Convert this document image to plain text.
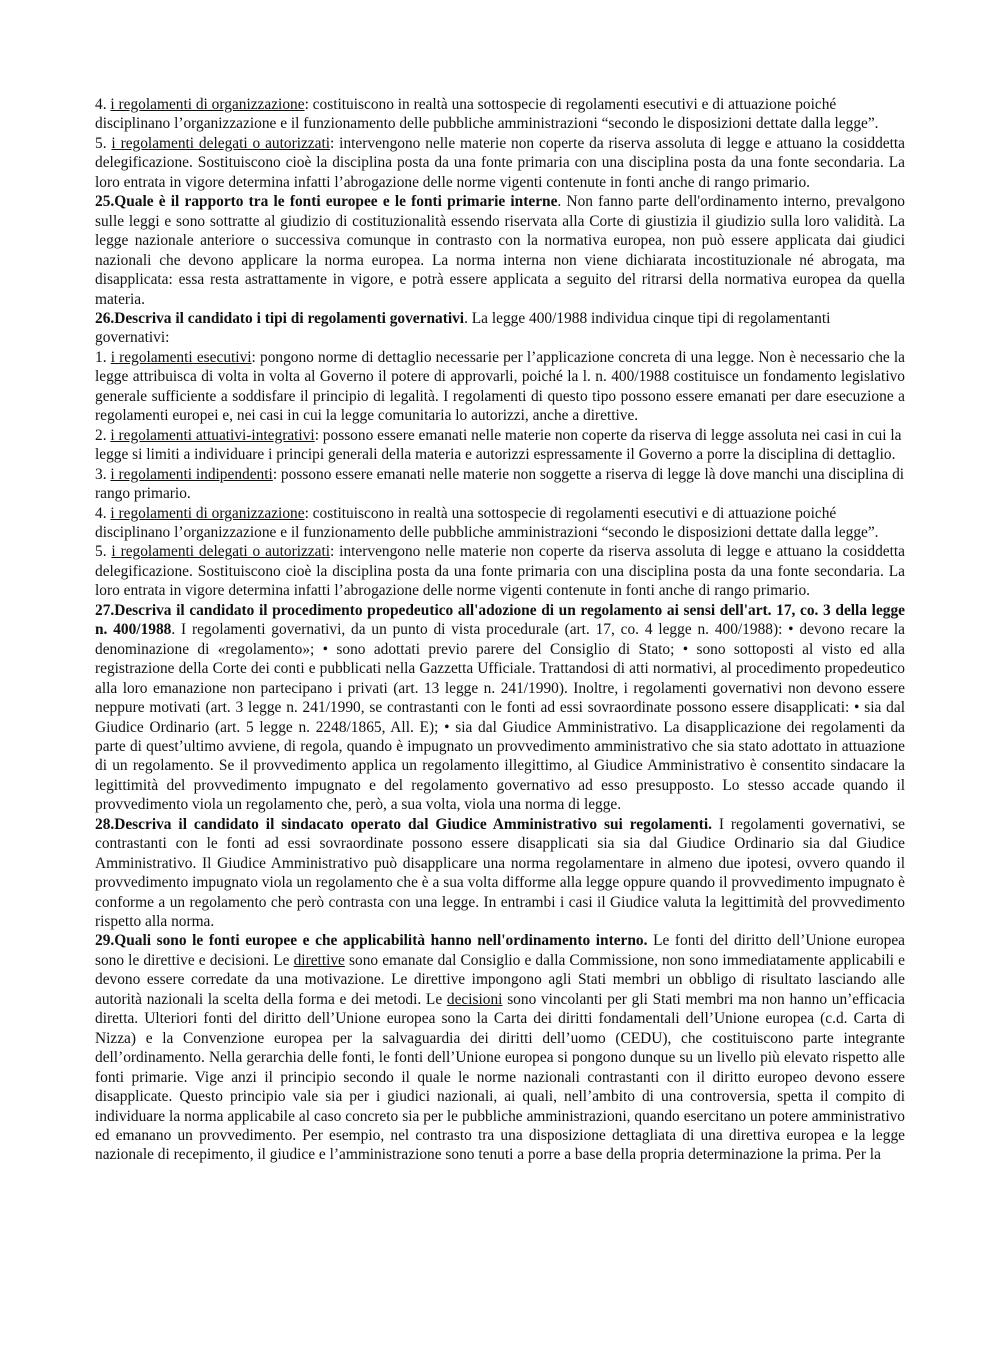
4. i regolamenti di organizzazione: costituiscono in realtà una sottospecie di regolamenti esecutivi e di attuazione poiché disciplinano l’organizzazione e il funzionamento delle pubbliche amministrazioni “secondo le disposizioni dettate dalla legge”.

5. i regolamenti delegati o autorizzati: intervengono nelle materie non coperte da riserva assoluta di legge e attuano la cosiddetta delegificazione. Sostituiscono cioè la disciplina posta da una fonte primaria con una disciplina posta da una fonte secondaria. La loro entrata in vigore determina infatti l’abrogazione delle norme vigenti contenute in fonti anche di rango primario.

25.Quale è il rapporto tra le fonti europee e le fonti primarie interne. Non fanno parte dell'ordinamento interno, prevalgono sulle leggi e sono sottratte al giudizio di costituzionalità essendo riservata alla Corte di giustizia il giudizio sulla loro validità. La legge nazionale anteriore o successiva comunque in contrasto con la normativa europea, non può essere applicata dai giudici nazionali che devono applicare la norma europea. La norma interna non viene dichiarata incostituzionale né abrogata, ma disapplicata: essa resta astrattamente in vigore, e potrà essere applicata a seguito del ritrarsi della normativa europea da quella materia.

26.Descriva il candidato i tipi di regolamenti governativi. La legge 400/1988 individua cinque tipi di regolamentanti governativi:

1. i regolamenti esecutivi: pongono norme di dettaglio necessarie per l’applicazione concreta di una legge. Non è necessario che la legge attribuisca di volta in volta al Governo il potere di approvarli, poiché la l. n. 400/1988 costituisce un fondamento legislativo generale sufficiente a soddisfare il principio di legalità. I regolamenti di questo tipo possono essere emanati per dare esecuzione a regolamenti europei e, nei casi in cui la legge comunitaria lo autorizzi, anche a direttive.

2. i regolamenti attuativi-integrativi: possono essere emanati nelle materie non coperte da riserva di legge assoluta nei casi in cui la legge si limiti a individuare i principi generali della materia e autorizzi espressamente il Governo a porre la disciplina di dettaglio.

3. i regolamenti indipendenti: possono essere emanati nelle materie non soggette a riserva di legge là dove manchi una disciplina di rango primario.

4. i regolamenti di organizzazione: costituiscono in realtà una sottospecie di regolamenti esecutivi e di attuazione poiché disciplinano l’organizzazione e il funzionamento delle pubbliche amministrazioni “secondo le disposizioni dettate dalla legge”.

5. i regolamenti delegati o autorizzati: intervengono nelle materie non coperte da riserva assoluta di legge e attuano la cosiddetta delegificazione. Sostituiscono cioè la disciplina posta da una fonte primaria con una disciplina posta da una fonte secondaria. La loro entrata in vigore determina infatti l’abrogazione delle norme vigenti contenute in fonti anche di rango primario.

27.Descriva il candidato il procedimento propedeutico all'adozione di un regolamento ai sensi dell'art. 17, co. 3 della legge n. 400/1988. I regolamenti governativi, da un punto di vista procedurale (art. 17, co. 4 legge n. 400/1988): • devono recare la denominazione di «regolamento»; • sono adottati previo parere del Consiglio di Stato; • sono sottoposti al visto ed alla registrazione della Corte dei conti e pubblicati nella Gazzetta Ufficiale. Trattandosi di atti normativi, al procedimento propedeutico alla loro emanazione non partecipano i privati (art. 13 legge n. 241/1990). Inoltre, i regolamenti governativi non devono essere neppure motivati (art. 3 legge n. 241/1990, se contrastanti con le fonti ad essi sovraordinate possono essere disapplicati: • sia dal Giudice Ordinario (art. 5 legge n. 2248/1865, All. E); • sia dal Giudice Amministrativo. La disapplicazione dei regolamenti da parte di quest’ultimo avviene, di regola, quando è impugnato un provvedimento amministrativo che sia stato adottato in attuazione di un regolamento. Se il provvedimento applica un regolamento illegittimo, al Giudice Amministrativo è consentito sindacare la legittimità del provvedimento impugnato e del regolamento governativo ad esso presupposto. Lo stesso accade quando il provvedimento viola un regolamento che, però, a sua volta, viola una norma di legge.

28.Descriva il candidato il sindacato operato dal Giudice Amministrativo sui regolamenti. I regolamenti governativi, se contrastanti con le fonti ad essi sovraordinate possono essere disapplicati sia sia dal Giudice Ordinario sia dal Giudice Amministrativo. Il Giudice Amministrativo può disapplicare una norma regolamentare in almeno due ipotesi, ovvero quando il provvedimento impugnato viola un regolamento che è a sua volta difforme alla legge oppure quando il provvedimento impugnato è conforme a un regolamento che però contrasta con una legge. In entrambi i casi il Giudice valuta la legittimità del provvedimento rispetto alla norma.

29.Quali sono le fonti europee e che applicabilità hanno nell'ordinamento interno. Le fonti del diritto dell’Unione europea sono le direttive e decisioni. Le direttive sono emanate dal Consiglio e dalla Commissione, non sono immediatamente applicabili e devono essere corredate da una motivazione. Le direttive impongono agli Stati membri un obbligo di risultato lasciando alle autorità nazionali la scelta della forma e dei metodi. Le decisioni sono vincolanti per gli Stati membri ma non hanno un’efficacia diretta. Ulteriori fonti del diritto dell’Unione europea sono la Carta dei diritti fondamentali dell’Unione europea (c.d. Carta di Nizza) e la Convenzione europea per la salvaguardia dei diritti dell’uomo (CEDU), che costituiscono parte integrante dell’ordinamento. Nella gerarchia delle fonti, le fonti dell’Unione europea si pongono dunque su un livello più elevato rispetto alle fonti primarie. Vige anzi il principio secondo il quale le norme nazionali contrastanti con il diritto europeo devono essere disapplicate. Questo principio vale sia per i giudici nazionali, ai quali, nell’ambito di una controversia, spetta il compito di individuare la norma applicabile al caso concreto sia per le pubbliche amministrazioni, quando esercitano un potere amministrativo ed emanano un provvedimento. Per esempio, nel contrasto tra una disposizione dettagliata di una direttiva europea e la legge nazionale di recepimento, il giudice e l’amministrazione sono tenuti a porre a base della propria determinazione la prima. Per la
